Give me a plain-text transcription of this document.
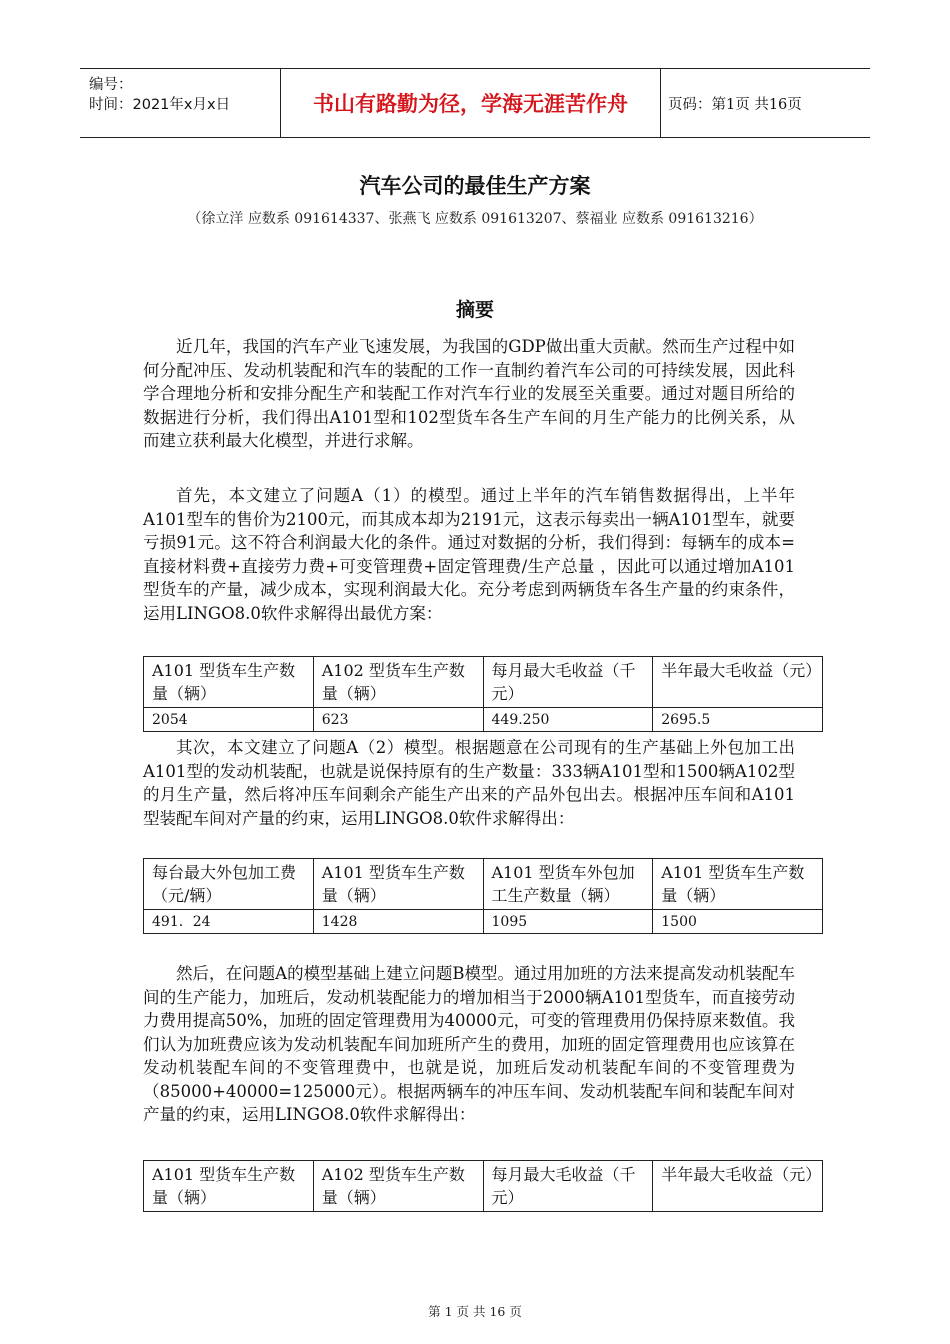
编号：
时间：2021年x月x日	书山有路勤为径，学海无涯苦作舟	页码：第1页 共16页
汽车公司的最佳生产方案
（徐立洋 应数系 091614337、张燕飞 应数系 091613207、蔡福业 应数系 091613216）
摘要

近几年，我国的汽车产业飞速发展，为我国的GDP做出重大贡献。然而生产过程中如何分配冲压、发动机装配和汽车的装配的工作一直制约着汽车公司的可持续发展，因此科学合理地分析和安排分配生产和装配工作对汽车行业的发展至关重要。通过对题目所给的数据进行分析，我们得出A101型和102型货车各生产车间的月生产能力的比例关系，从而建立获利最大化模型，并进行求解。

首先，本文建立了问题A（1）的模型。通过上半年的汽车销售数据得出，上半年A101型车的售价为2100元，而其成本却为2191元，这表示每卖出一辆A101型车，就要亏损91元。这不符合利润最大化的条件。通过对数据的分析，我们得到：每辆车的成本=直接材料费+直接劳力费+可变管理费+固定管理费/生产总量 ，因此可以通过增加A101型货车的产量，减少成本，实现利润最大化。充分考虑到两辆货车各生产量的约束条件，运用LINGO8.0软件求解得出最优方案：

A101 型货车生产数量（辆）	A102 型货车生产数量（辆）	每月最大毛收益（千元）	半年最大毛收益（元）
2054	623	449.250	2695.5

其次，本文建立了问题A（2）模型。根据题意在公司现有的生产基础上外包加工出A101型的发动机装配，也就是说保持原有的生产数量：333辆A101型和1500辆A102型的月生产量，然后将冲压车间剩余产能生产出来的产品外包出去。根据冲压车间和A101型装配车间对产量的约束，运用LINGO8.0软件求解得出：

每台最大外包加工费（元/辆）	A101 型货车生产数量（辆）	A101 型货车外包加工生产数量（辆）	A101 型货车生产数量（辆）
491．24	1428	1095	1500

然后，在问题A的模型基础上建立问题B模型。通过用加班的方法来提高发动机装配车间的生产能力，加班后，发动机装配能力的增加相当于2000辆A101型货车，而直接劳动力费用提高50%，加班的固定管理费用为40000元，可变的管理费用仍保持原来数值。我们认为加班费应该为发动机装配车间加班所产生的费用，加班的固定管理费用也应该算在发动机装配车间的不变管理费中，也就是说，加班后发动机装配车间的不变管理费为（85000+40000=125000元）。根据两辆车的冲压车间、发动机装配车间和装配车间对产量的约束，运用LINGO8.0软件求解得出：

A101 型货车生产数量（辆）	A102 型货车生产数量（辆）	每月最大毛收益（千元）	半年最大毛收益（元）
第 1 页 共 16 页
